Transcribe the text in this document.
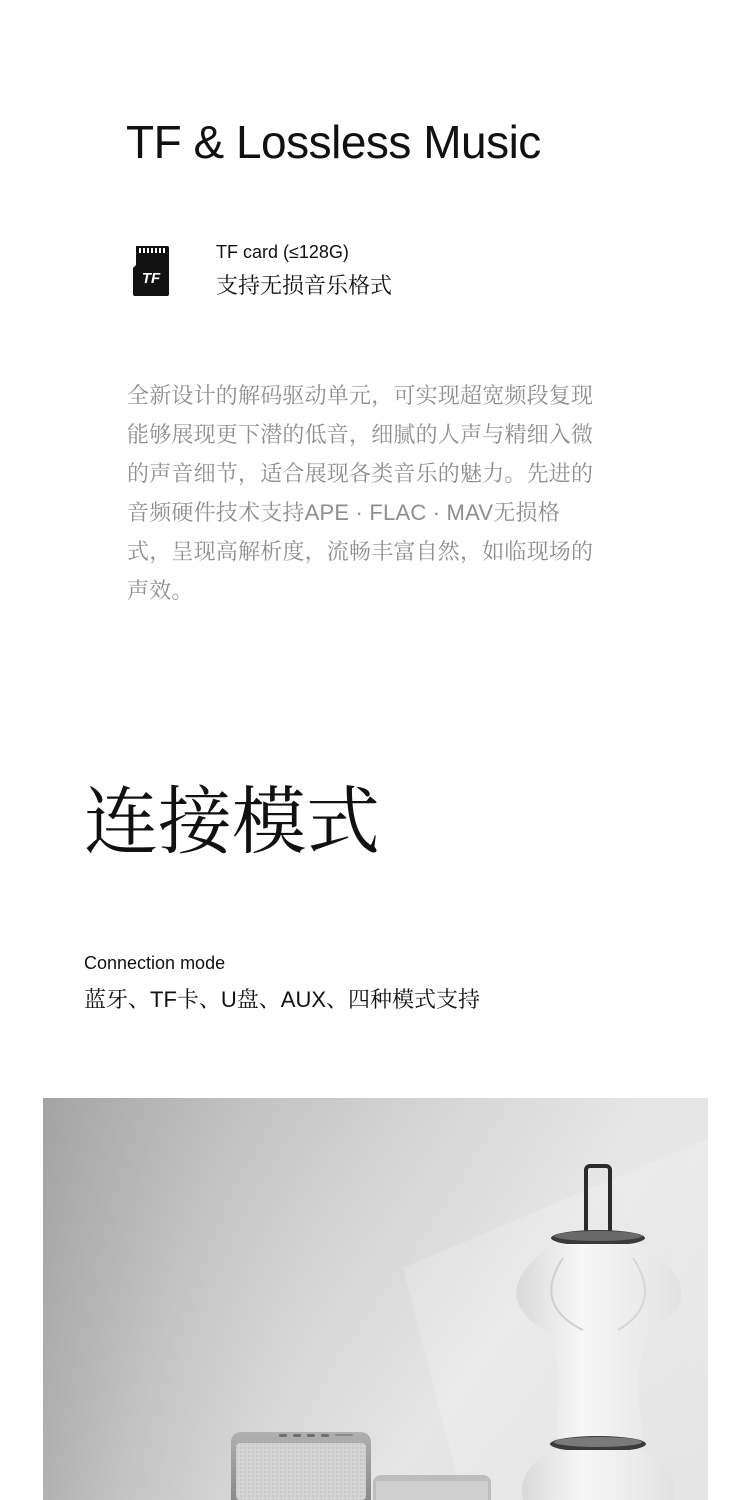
TF & Lossless Music
TF
TF card (≤128G)
支持无损音乐格式

全新设计的解码驱动单元，可实现超宽频段复现能够展现更下潜的低音，细腻的人声与精细入微的声音细节，适合展现各类音乐的魅力。先进的音频硬件技术支持APE · FLAC · MAV无损格式，呈现高解析度，流畅丰富自然，如临现场的声效。

连接模式
Connection mode
蓝牙、TF卡、U盘、AUX、四种模式支持
